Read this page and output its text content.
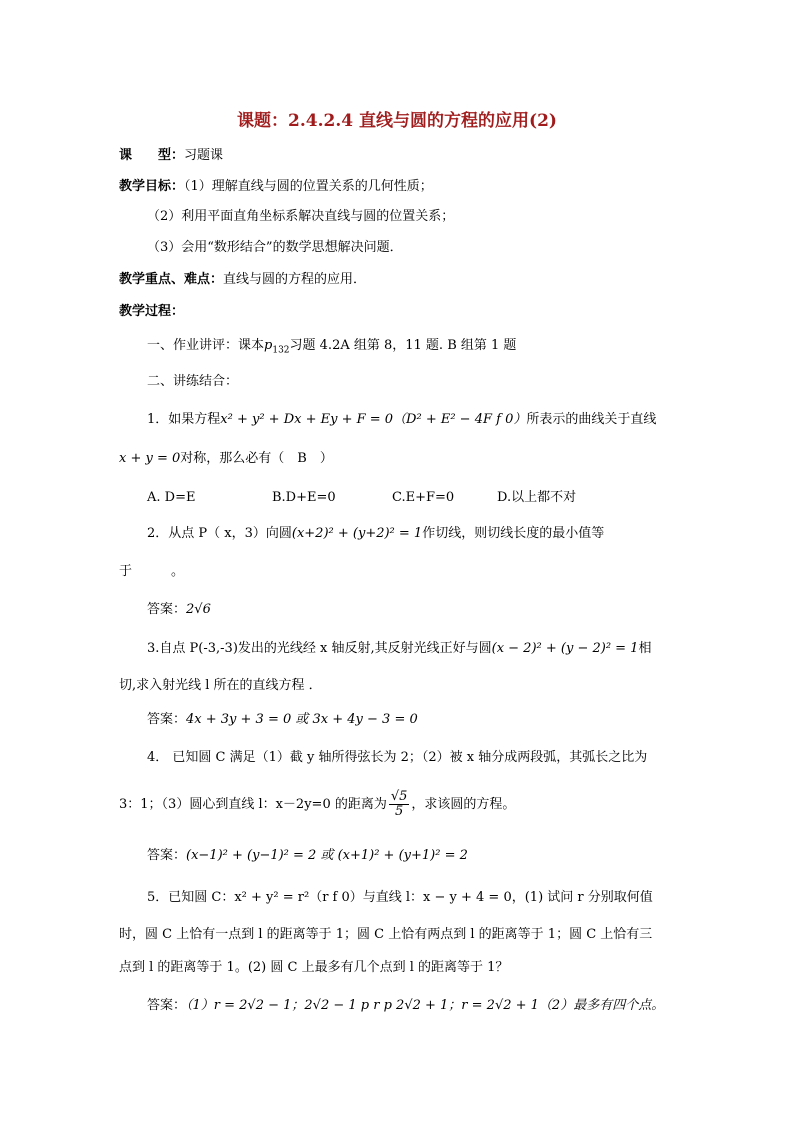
课题：2.4.2.4 直线与圆的方程的应用(2)
课　　型：习题课
教学目标：（1）理解直线与圆的位置关系的几何性质；
（2）利用平面直角坐标系解决直线与圆的位置关系；
（3）会用“数形结合”的数学思想解决问题．
教学重点、难点：直线与圆的方程的应用．
教学过程：
一、作业讲评：课本$p_{132}$习题 4.2A 组第 8，11 题. B 组第 1 题
二、讲练结合：
1．如果方程x² + y² + Dx + Ey + F = 0（D² + E² − 4F f 0）所表示的曲线关于直线
x + y = 0对称，那么必有（　B　）
A. D=E	B.D+E=0	C.E+F=0	D.以上都不对
2．从点 P（ x，3）向圆(x+2)² + (y+2)² = 1作切线，则切线长度的最小值等
于　　　。
答案：2√6
3.自点 P(-3,-3)发出的光线经 x 轴反射,其反射光线正好与圆(x − 2)² + (y − 2)² = 1相
切,求入射光线 l 所在的直线方程 ．
答案：4x + 3y + 3 = 0 或 3x + 4y − 3 = 0
4． 已知圆 C 满足（1）截 y 轴所得弦长为 2；（2）被 x 轴分成两段弧，其弧长之比为
3：1；（3）圆心到直线 l：x－2y=0 的距离为 $\frac{√5}{5}$ ，求该圆的方程。
答案：(x−1)² + (y−1)² = 2 或 (x+1)² + (y+1)² = 2
5．已知圆 C：x² + y² = r²（r f 0）与直线 l：x − y + 4 = 0，(1) 试问 r 分别取何值
时，圆 C 上恰有一点到 l 的距离等于 1；圆 C 上恰有两点到 l 的距离等于 1；圆 C 上恰有三
点到 l 的距离等于 1。(2) 圆 C 上最多有几个点到 l 的距离等于 1？
答案：（1）r = 2√2 − 1；2√2 − 1 p r p 2√2 + 1；r = 2√2 + 1（2）最多有四个点。
